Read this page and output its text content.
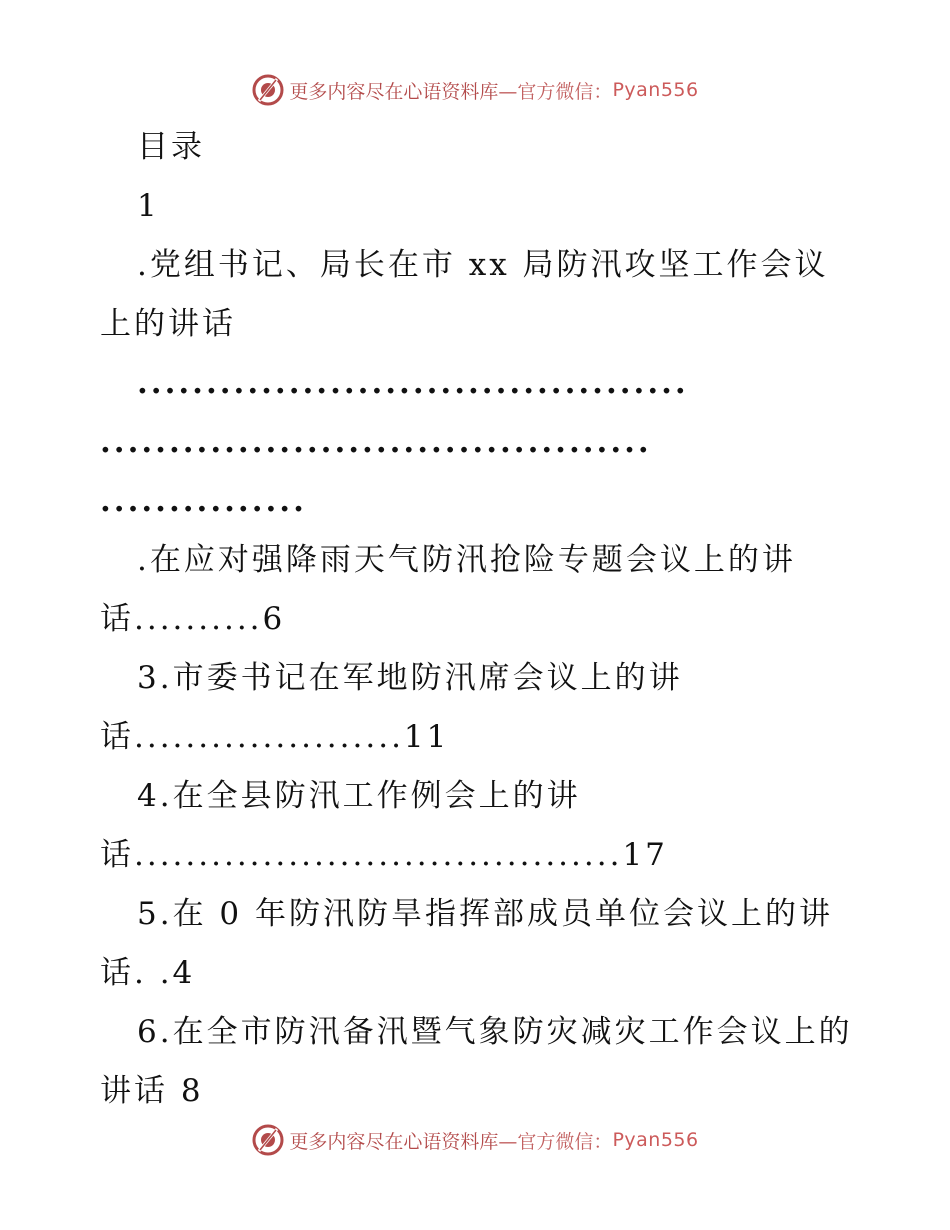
更多内容尽在心语资料库 —官方微信： Pyan556
目录
1
.党组书记、局长在市 xx 局防汛攻坚工作会议
上的讲话
........................................
........................................
...............
.在应对强降雨天气防汛抢险专题会议上的讲
话..........6
3.市委书记在军地防汛席会议上的讲
话.....................11
4.在全县防汛工作例会上的讲
话......................................17
5.在 0 年防汛防旱指挥部成员单位会议上的讲
话. .4
6.在全市防汛备汛暨气象防灾减灾工作会议上的
讲话 8
更多内容尽在心语资料库 —官方微信： Pyan556
